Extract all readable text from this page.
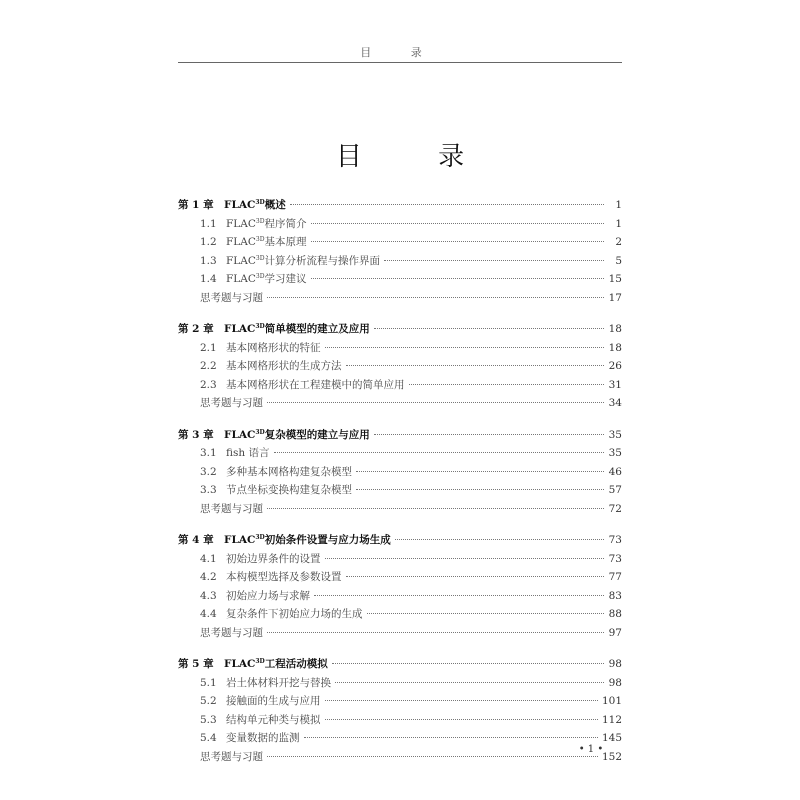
目 录
目 录
第 1 章 $FLAC^{3D}$概述	1
1.1 $FLAC^{3D}$程序简介	1
1.2 $FLAC^{3D}$基本原理	2
1.3 $FLAC^{3D}$计算分析流程与操作界面	5
1.4 $FLAC^{3D}$学习建议	15
思考题与习题	17
第 2 章 $FLAC^{3D}$简单模型的建立及应用	18
2.1 基本网格形状的特征	18
2.2 基本网格形状的生成方法	26
2.3 基本网格形状在工程建模中的简单应用	31
思考题与习题	34
第 3 章 $FLAC^{3D}$复杂模型的建立与应用	35
3.1 fish 语言	35
3.2 多种基本网格构建复杂模型	46
3.3 节点坐标变换构建复杂模型	57
思考题与习题	72
第 4 章 $FLAC^{3D}$初始条件设置与应力场生成	73
4.1 初始边界条件的设置	73
4.2 本构模型选择及参数设置	77
4.3 初始应力场与求解	83
4.4 复杂条件下初始应力场的生成	88
思考题与习题	97
第 5 章 $FLAC^{3D}$工程活动模拟	98
5.1 岩土体材料开挖与替换	98
5.2 接触面的生成与应用	101
5.3 结构单元种类与模拟	112
5.4 变量数据的监测	145
思考题与习题	152
• 1 •
